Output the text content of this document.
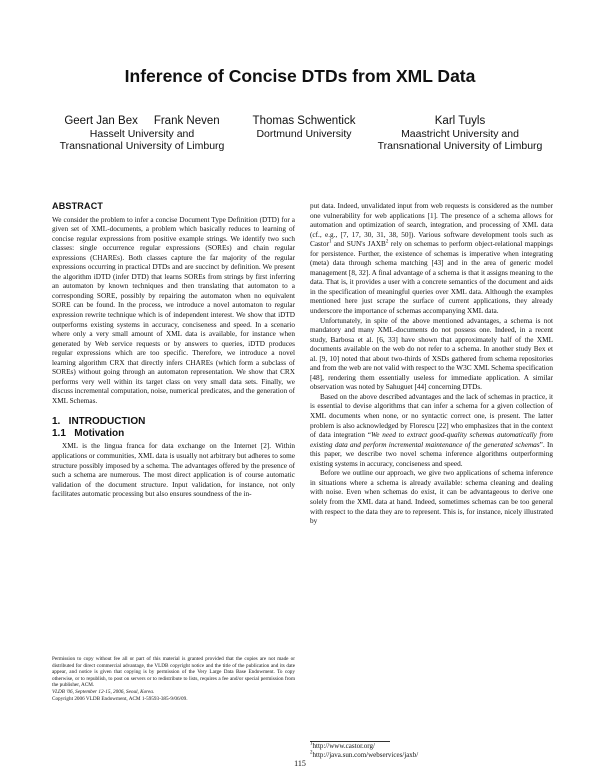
Inference of Concise DTDs from XML Data
Geert Jan Bex     Frank Neven
Hasselt University and
Transnational University of Limburg
Thomas Schwentick
Dortmund University
Karl Tuyls
Maastricht University and
Transnational University of Limburg
ABSTRACT

We consider the problem to infer a concise Document Type Definition (DTD) for a given set of XML-documents, a problem which basically reduces to learning of concise regular expressions from positive example strings. We identify two such classes: single occurrence regular expressions (SOREs) and chain regular expressions (CHAREs). Both classes capture the far majority of the regular expressions occurring in practical DTDs and are succinct by definition. We present the algorithm iDTD (infer DTD) that learns SOREs from strings by first inferring an automaton by known techniques and then translating that automaton to a corresponding SORE, possibly by repairing the automaton when no equivalent SORE can be found. In the process, we introduce a novel automaton to regular expression rewrite technique which is of independent interest. We show that iDTD outperforms existing systems in accuracy, conciseness and speed. In a scenario where only a very small amount of XML data is available, for instance when generated by Web service requests or by answers to queries, iDTD produces regular expressions which are too specific. Therefore, we introduce a novel learning algorithm CRX that directly infers CHAREs (which form a subclass of SOREs) without going through an automaton representation. We show that CRX performs very well within its target class on very small data sets. Finally, we discuss incremental computation, noise, numerical predicates, and the generation of XML Schemas.

1.   INTRODUCTION
1.1   Motivation

XML is the lingua franca for data exchange on the Internet [2]. Within applications or communities, XML data is usually not arbitrary but adheres to some structure possibly imposed by a schema. The advantages offered by the presence of such a schema are numerous. The most direct application is of course automatic validation of the document structure. Input validation, for instance, not only facilitates automatic processing but also ensures soundness of the in-

Permission to copy without fee all or part of this material is granted provided that the copies are not made or distributed for direct commercial advantage, the VLDB copyright notice and the title of the publication and its date appear, and notice is given that copying is by permission of the Very Large Data Base Endowment. To copy otherwise, or to republish, to post on servers or to redistribute to lists, requires a fee and/or special permission from the publisher, ACM.

VLDB '06, September 12-15, 2006, Seoul, Korea.

Copyright 2006 VLDB Endowment, ACM 1-59593-385-9/06/09.

put data. Indeed, unvalidated input from web requests is considered as the number one vulnerability for web applications [1]. The presence of a schema allows for automation and optimization of search, integration, and processing of XML data (cf., e.g., [7, 17, 30, 31, 38, 50]). Various software development tools such as Castor$^1$ and SUN's JAXB$^2$ rely on schemas to perform object-relational mappings for persistence. Further, the existence of schemas is imperative when integrating (meta) data through schema matching [43] and in the area of generic model management [8, 32]. A final advantage of a schema is that it assigns meaning to the data. That is, it provides a user with a concrete semantics of the document and aids in the specification of meaningful queries over XML data. Although the examples mentioned here just scrape the surface of current applications, they already underscore the importance of schemas accompanying XML data.

Unfortunately, in spite of the above mentioned advantages, a schema is not mandatory and many XML-documents do not possess one. Indeed, in a recent study, Barbosa et al. [6, 33] have shown that approximately half of the XML documents available on the web do not refer to a schema. In another study Bex et al. [9, 10] noted that about two-thirds of XSDs gathered from schema repositories and from the web are not valid with respect to the W3C XML Schema specification [48], rendering them essentially useless for immediate application. A similar observation was noted by Sahuguet [44] concerning DTDs.

Based on the above described advantages and the lack of schemas in practice, it is essential to devise algorithms that can infer a schema for a given collection of XML documents when none, or no syntactic correct one, is present. The latter problem is also acknowledged by Florescu [22] who emphasizes that in the context of data integration “We need to extract good-quality schemas automatically from existing data and perform incremental maintenance of the generated schemas”. In this paper, we describe two novel schema inference algorithms outperforming existing systems in accuracy, conciseness and speed.

Before we outline our approach, we give two applications of schema inference in situations where a schema is already available: schema cleaning and dealing with noise. Even when schemas do exist, it can be advantageous to derive one solely from the XML data at hand. Indeed, sometimes schemas can be too general with respect to the data they are to represent. This is, for instance, nicely illustrated by

$^1$http://www.castor.org/
$^2$http://java.sun.com/webservices/jaxb/
115
